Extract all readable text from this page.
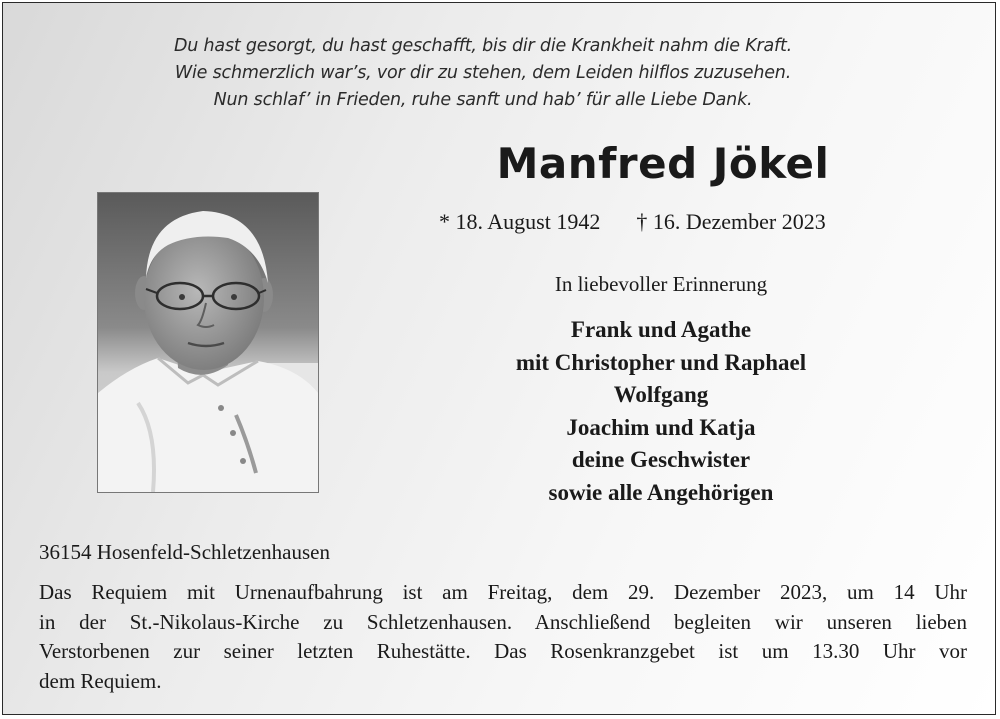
Du hast gesorgt, du hast geschafft, bis dir die Krankheit nahm die Kraft.
Wie schmerzlich war’s, vor dir zu stehen, dem Leiden hilflos zuzusehen.
Nun schlaf’ in Frieden, ruhe sanft und hab’ für alle Liebe Dank.
Manfred Jökel
* 18. August 1942 † 16. Dezember 2023
In liebevoller Erinnerung
Frank und Agathe
mit Christopher und Raphael
Wolfgang
Joachim und Katja
deine Geschwister
sowie alle Angehörigen
36154 Hosenfeld-Schletzenhausen
Das Requiem mit Urnenaufbahrung ist am Freitag, dem 29. Dezember 2023, um 14 Uhr
in der St.-Nikolaus-Kirche zu Schletzenhausen. Anschließend begleiten wir unseren lieben
Verstorbenen zur seiner letzten Ruhestätte. Das Rosenkranzgebet ist um 13.30 Uhr vor
dem Requiem.
